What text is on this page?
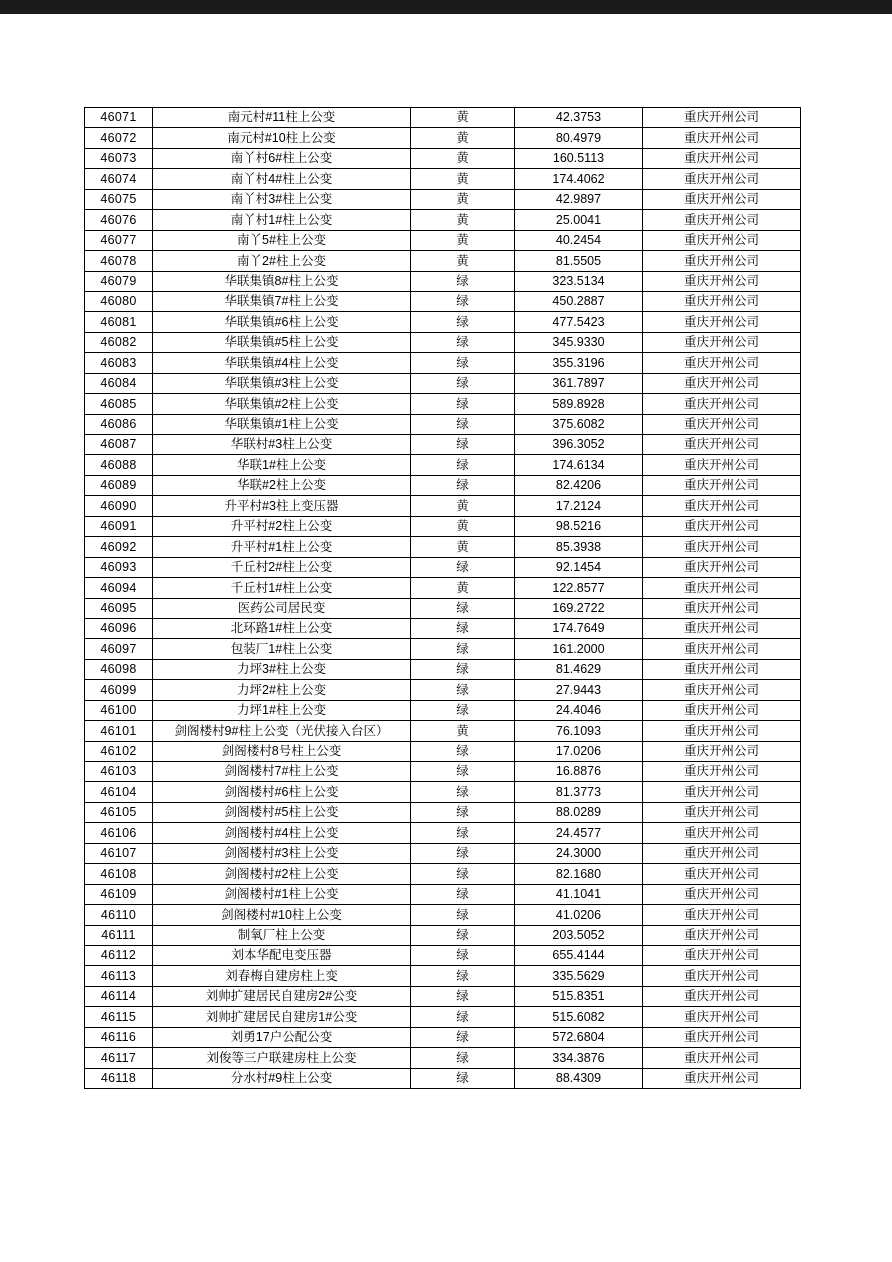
46071	南元村#11柱上公变	黄	42.3753	重庆开州公司
46072	南元村#10柱上公变	黄	80.4979	重庆开州公司
46073	南丫村6#柱上公变	黄	160.5113	重庆开州公司
46074	南丫村4#柱上公变	黄	174.4062	重庆开州公司
46075	南丫村3#柱上公变	黄	42.9897	重庆开州公司
46076	南丫村1#柱上公变	黄	25.0041	重庆开州公司
46077	南丫5#柱上公变	黄	40.2454	重庆开州公司
46078	南丫2#柱上公变	黄	81.5505	重庆开州公司
46079	华联集镇8#柱上公变	绿	323.5134	重庆开州公司
46080	华联集镇7#柱上公变	绿	450.2887	重庆开州公司
46081	华联集镇#6柱上公变	绿	477.5423	重庆开州公司
46082	华联集镇#5柱上公变	绿	345.9330	重庆开州公司
46083	华联集镇#4柱上公变	绿	355.3196	重庆开州公司
46084	华联集镇#3柱上公变	绿	361.7897	重庆开州公司
46085	华联集镇#2柱上公变	绿	589.8928	重庆开州公司
46086	华联集镇#1柱上公变	绿	375.6082	重庆开州公司
46087	华联村#3柱上公变	绿	396.3052	重庆开州公司
46088	华联1#柱上公变	绿	174.6134	重庆开州公司
46089	华联#2柱上公变	绿	82.4206	重庆开州公司
46090	升平村#3柱上变压器	黄	17.2124	重庆开州公司
46091	升平村#2柱上公变	黄	98.5216	重庆开州公司
46092	升平村#1柱上公变	黄	85.3938	重庆开州公司
46093	千丘村2#柱上公变	绿	92.1454	重庆开州公司
46094	千丘村1#柱上公变	黄	122.8577	重庆开州公司
46095	医药公司居民变	绿	169.2722	重庆开州公司
46096	北环路1#柱上公变	绿	174.7649	重庆开州公司
46097	包装厂1#柱上公变	绿	161.2000	重庆开州公司
46098	力坪3#柱上公变	绿	81.4629	重庆开州公司
46099	力坪2#柱上公变	绿	27.9443	重庆开州公司
46100	力坪1#柱上公变	绿	24.4046	重庆开州公司
46101	剑阁楼村9#柱上公变（光伏接入台区）	黄	76.1093	重庆开州公司
46102	剑阁楼村8号柱上公变	绿	17.0206	重庆开州公司
46103	剑阁楼村7#柱上公变	绿	16.8876	重庆开州公司
46104	剑阁楼村#6柱上公变	绿	81.3773	重庆开州公司
46105	剑阁楼村#5柱上公变	绿	88.0289	重庆开州公司
46106	剑阁楼村#4柱上公变	绿	24.4577	重庆开州公司
46107	剑阁楼村#3柱上公变	绿	24.3000	重庆开州公司
46108	剑阁楼村#2柱上公变	绿	82.1680	重庆开州公司
46109	剑阁楼村#1柱上公变	绿	41.1041	重庆开州公司
46110	剑阁楼村#10柱上公变	绿	41.0206	重庆开州公司
46111	制氧厂柱上公变	绿	203.5052	重庆开州公司
46112	刘本华配电变压器	绿	655.4144	重庆开州公司
46113	刘春梅自建房柱上变	绿	335.5629	重庆开州公司
46114	刘帅扩建居民自建房2#公变	绿	515.8351	重庆开州公司
46115	刘帅扩建居民自建房1#公变	绿	515.6082	重庆开州公司
46116	刘勇17户公配公变	绿	572.6804	重庆开州公司
46117	刘俊等三户联建房柱上公变	绿	334.3876	重庆开州公司
46118	分水村#9柱上公变	绿	88.4309	重庆开州公司
